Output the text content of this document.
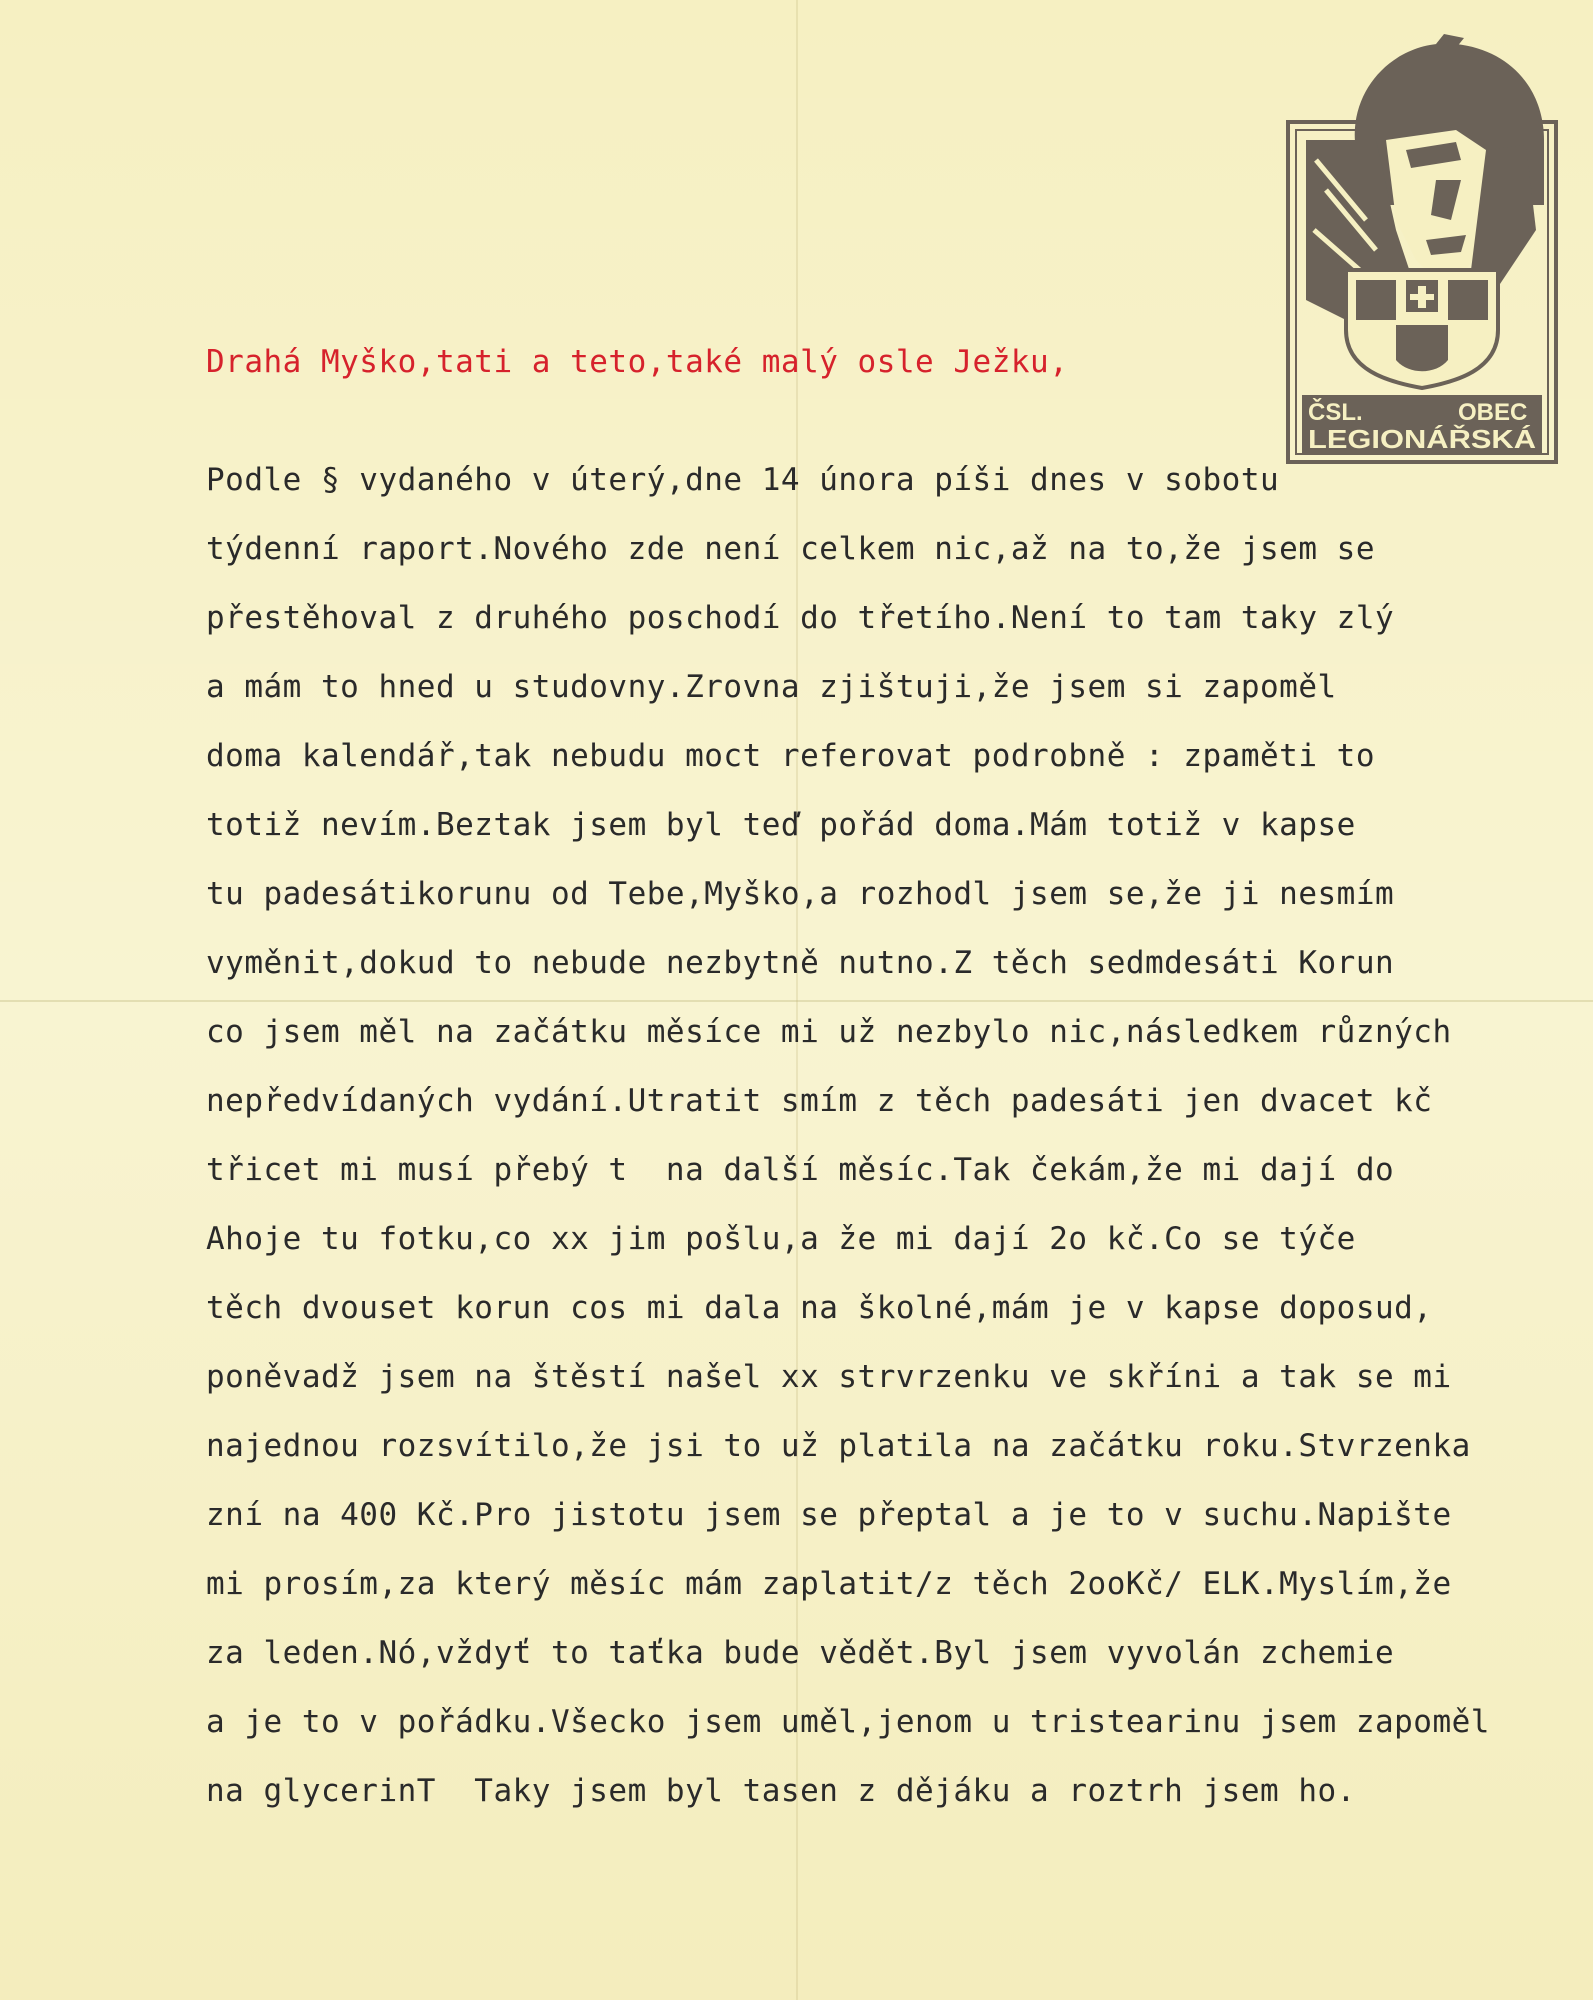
ČSL.	OBEC
LEGIONÁŘSKÁ
Drahá Myško,tati a teto,také malý osle Ježku,
Podle § vydaného v úterý,dne 14 února píši dnes v sobotu
týdenní raport.Nového zde není celkem nic,až na to,že jsem se
přestěhoval z druhého poschodí do třetího.Není to tam taky zlý
a mám to hned u studovny.Zrovna zjištuji,že jsem si zapoměl
doma kalendář,tak nebudu moct referovat podrobně : zpaměti to
totiž nevím.Beztak jsem byl teď pořád doma.Mám totiž v kapse
tu padesátikorunu od Tebe,Myško,a rozhodl jsem se,že ji nesmím
vyměnit,dokud to nebude nezbytně nutno.Z těch sedmdesáti Korun
co jsem měl na začátku měsíce mi už nezbylo nic,následkem různých
nepředvídaných vydání.Utratit smím z těch padesáti jen dvacet kč
třicet mi musí přebý t  na další měsíc.Tak čekám,že mi dají do
Ahoje tu fotku,co xx jim pošlu,a že mi dají 2o kč.Co se týče
těch dvouset korun cos mi dala na školné,mám je v kapse doposud,
poněvadž jsem na štěstí našel xx strvrzenku ve skříni a tak se mi
najednou rozsvítilo,že jsi to už platila na začátku roku.Stvrzenka
zní na 400 Kč.Pro jistotu jsem se přeptal a je to v suchu.Napište
mi prosím,za který měsíc mám zaplatit/z těch 2ooKč/ ELK.Myslím,že
za leden.Nó,vždyť to taťka bude vědět.Byl jsem vyvolán zchemie
a je to v pořádku.Všecko jsem uměl,jenom u tristearinu jsem zapoměl
na glycerinT  Taky jsem byl tasen z dějáku a roztrh jsem ho.
